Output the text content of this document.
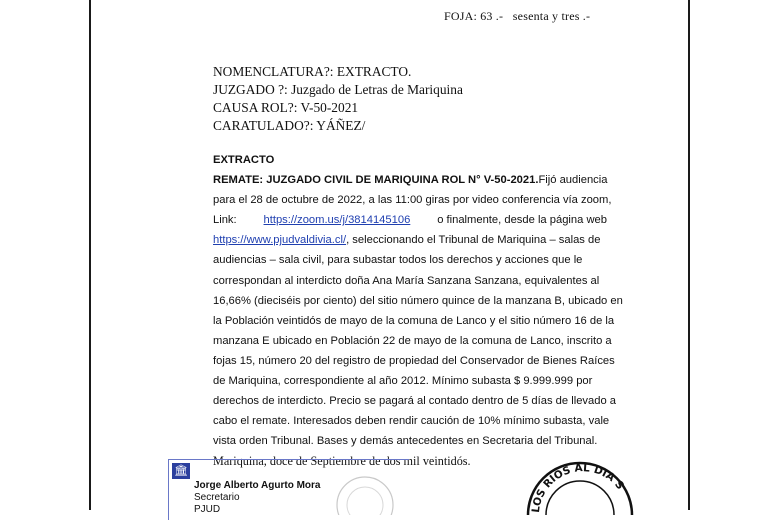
FOJA: 63 .-   sesenta y tres .-
NOMENCLATURA?: EXTRACTO.
JUZGADO ?: Juzgado de Letras de Mariquina
CAUSA ROL?: V-50-2021
CARATULADO?: YÁÑEZ/
EXTRACTO
REMATE: JUZGADO CIVIL DE MARIQUINA ROL N° V-50-2021. Fijó audiencia
para el 28 de octubre de 2022, a las 11:00 giras por video conferencia vía zoom,
Link: https://zoom.us/j/3814145106 o finalmente, desde la página web
https://www.pjudvaldivia.cl/ , seleccionando el Tribunal de Mariquina – salas de
audiencias – sala civil, para subastar todos los derechos y acciones que le
correspondan al interdicto doña Ana María Sanzana Sanzana, equivalentes al
16,66% (dieciséis por ciento) del sitio número quince de la manzana B, ubicado en
la Población veintidós de mayo de la comuna de Lanco y el sitio número 16 de la
manzana E ubicado en Población 22 de mayo de la comuna de Lanco, inscrito a
fojas 15, número 20 del registro de propiedad del Conservador de Bienes Raíces
de Mariquina, correspondiente al año 2012. Mínimo subasta $ 9.999.999 por
derechos de interdicto. Precio se pagará al contado dentro de 5 días de llevado a
cabo el remate. Interesados deben rendir caución de 10% mínimo subasta, vale
vista orden Tribunal. Bases y demás antecedentes en Secretaria del Tribunal.
Mariquina, doce de Septiembre de dos mil veintidós.
🏛
Jorge Alberto Agurto Mora
Secretario
PJUD	LOS RIOS AL DIA S
